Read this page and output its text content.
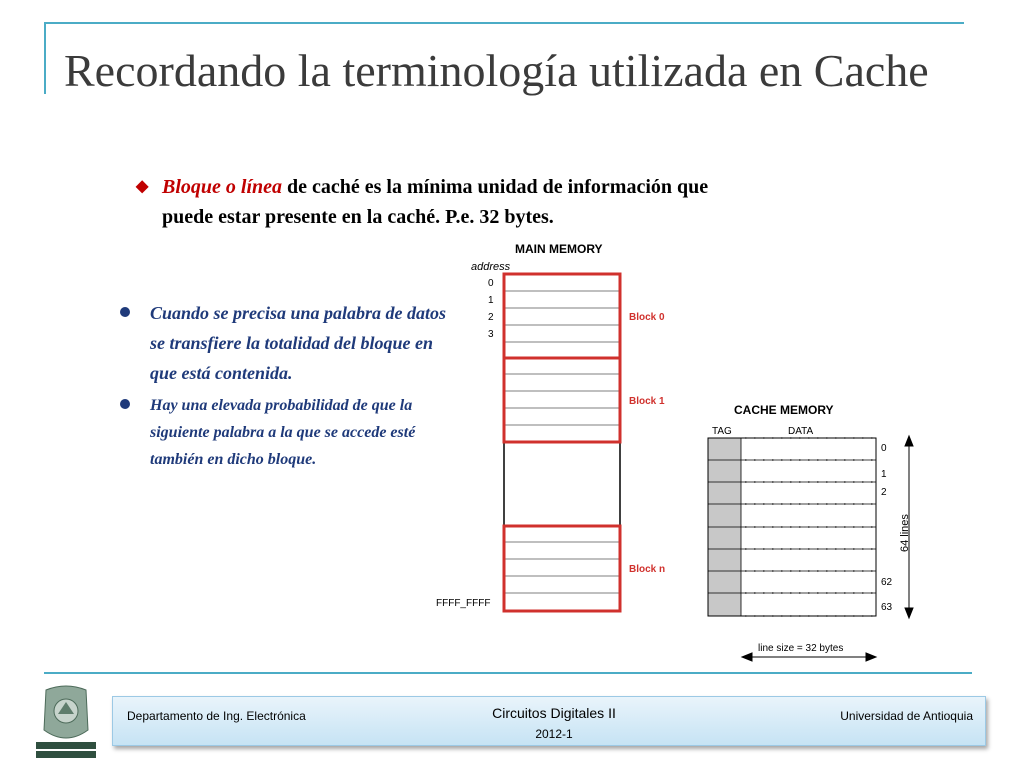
Recordando la terminología utilizada en Cache
◆ Bloque o línea de caché es la mínima unidad de información que
puede estar presente en la caché. P.e. 32 bytes.
Cuando se precisa una palabra de datos se transfiere la totalidad del bloque en que está contenida.
Hay una elevada probabilidad de que la siguiente palabra a la que se accede esté también en dicho bloque.
MAIN MEMORY
address
0
1
2
3
FFFF_FFFF
Block 0
Block 1
Block n
CACHE MEMORY
TAG	DATA
0
1
2
62
63
64 lines
line size = 32 bytes
Departamento de Ing. Electrónica	Circuitos Digitales II
2012-1
Universidad de Antioquia
